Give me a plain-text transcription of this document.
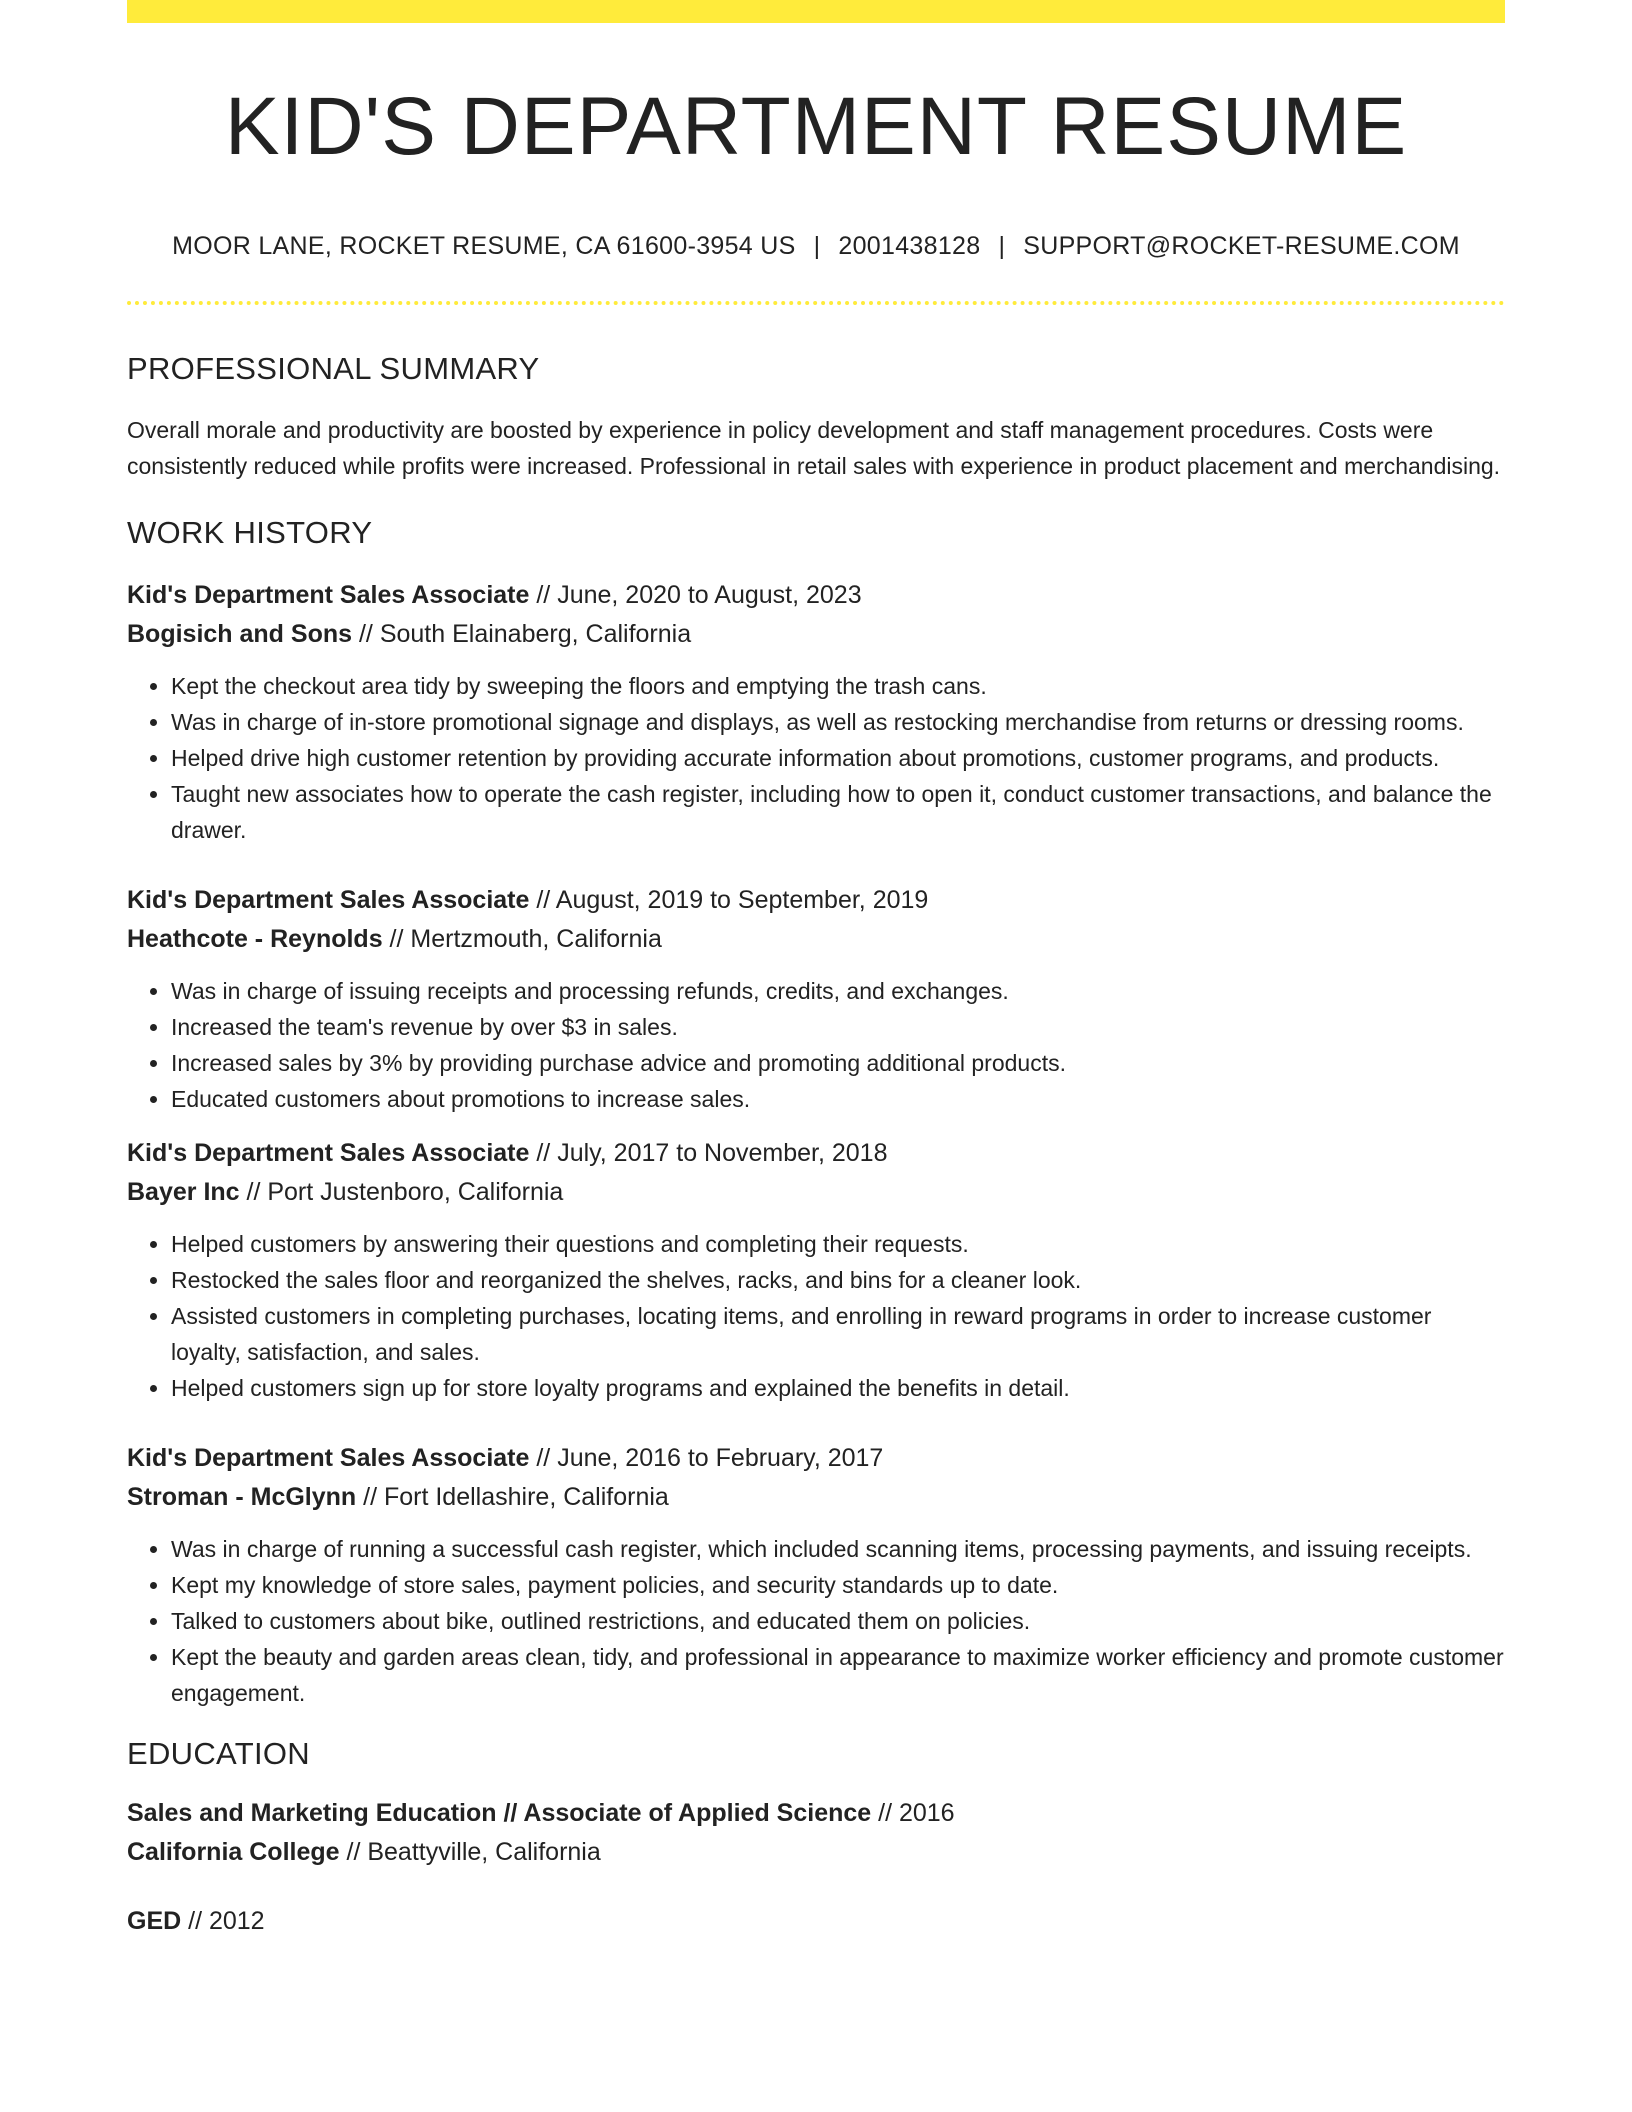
KID'S DEPARTMENT RESUME
MOOR LANE, ROCKET RESUME, CA 61600-3954 US | 2001438128 | SUPPORT@ROCKET-RESUME.COM
PROFESSIONAL SUMMARY

Overall morale and productivity are boosted by experience in policy development and staff management procedures. Costs were consistently reduced while profits were increased. Professional in retail sales with experience in product placement and merchandising.

WORK HISTORY
Kid's Department Sales Associate // June, 2020 to August, 2023
Bogisich and Sons // South Elainaberg, California
• Kept the checkout area tidy by sweeping the floors and emptying the trash cans.
• Was in charge of in-store promotional signage and displays, as well as restocking merchandise from returns or dressing rooms.
• Helped drive high customer retention by providing accurate information about promotions, customer programs, and products.
• Taught new associates how to operate the cash register, including how to open it, conduct customer transactions, and balance the drawer.
Kid's Department Sales Associate // August, 2019 to September, 2019
Heathcote - Reynolds // Mertzmouth, California
• Was in charge of issuing receipts and processing refunds, credits, and exchanges.
• Increased the team's revenue by over $3 in sales.
• Increased sales by 3% by providing purchase advice and promoting additional products.
• Educated customers about promotions to increase sales.
Kid's Department Sales Associate // July, 2017 to November, 2018
Bayer Inc // Port Justenboro, California
• Helped customers by answering their questions and completing their requests.
• Restocked the sales floor and reorganized the shelves, racks, and bins for a cleaner look.
• Assisted customers in completing purchases, locating items, and enrolling in reward programs in order to increase customer loyalty, satisfaction, and sales.
• Helped customers sign up for store loyalty programs and explained the benefits in detail.
Kid's Department Sales Associate // June, 2016 to February, 2017
Stroman - McGlynn // Fort Idellashire, California
• Was in charge of running a successful cash register, which included scanning items, processing payments, and issuing receipts.
• Kept my knowledge of store sales, payment policies, and security standards up to date.
• Talked to customers about bike, outlined restrictions, and educated them on policies.
• Kept the beauty and garden areas clean, tidy, and professional in appearance to maximize worker efficiency and promote customer engagement.
EDUCATION
Sales and Marketing Education // Associate of Applied Science // 2016
California College // Beattyville, California
GED // 2012
